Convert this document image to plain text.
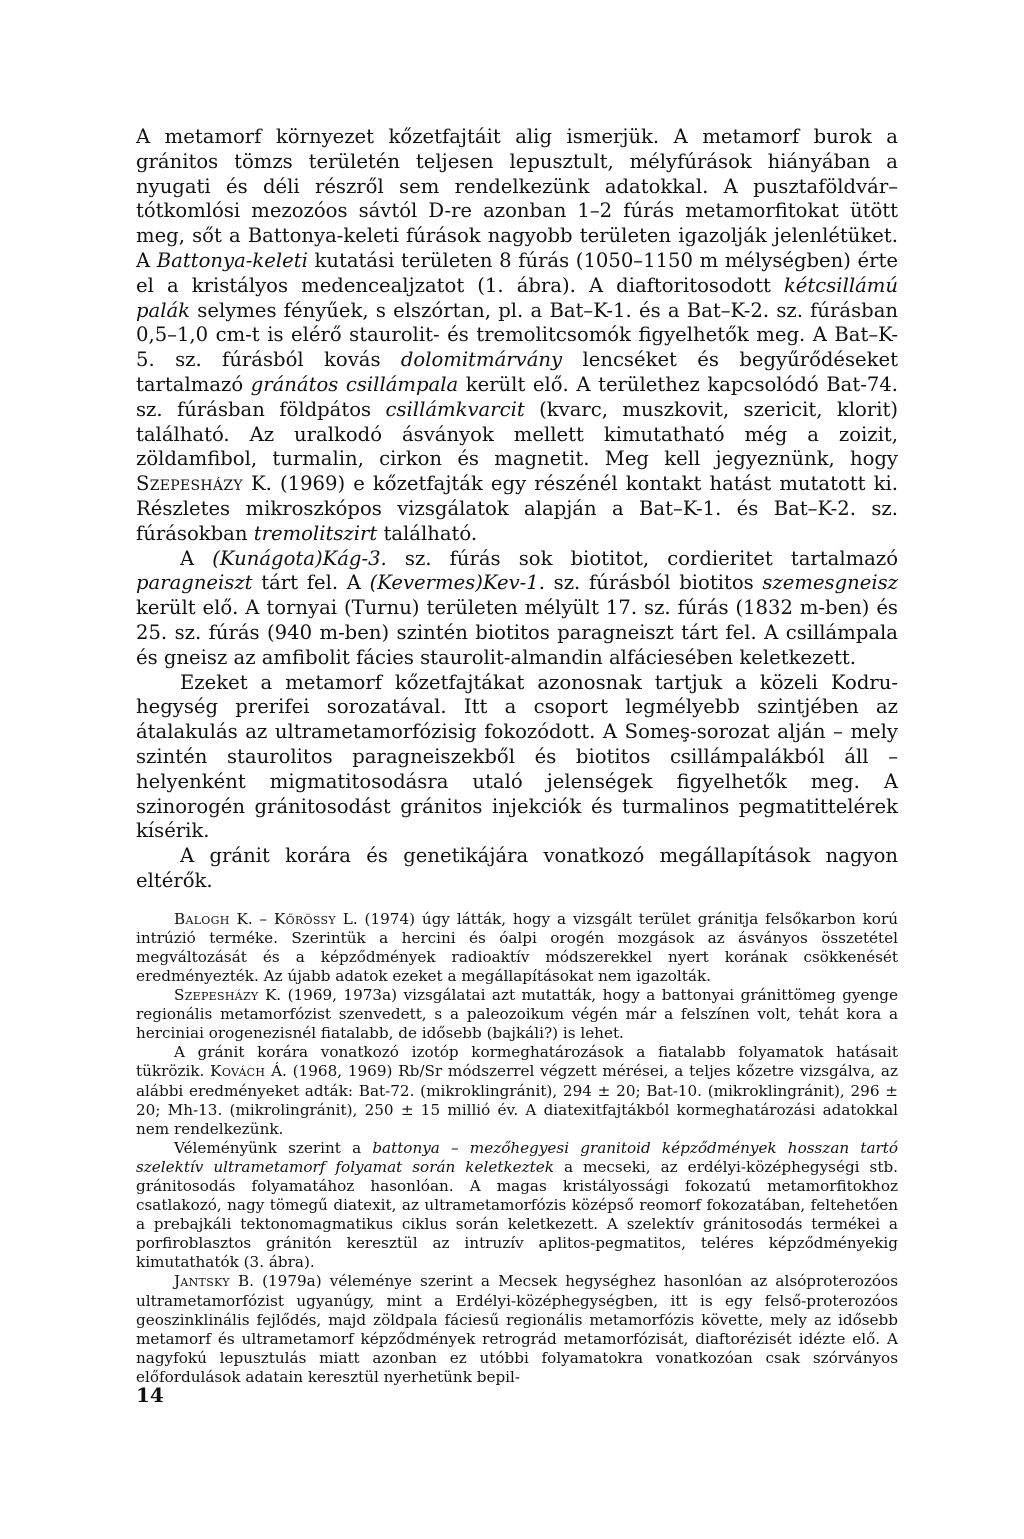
A metamorf környezet kőzetfajtáit alig ismerjük. A metamorf burok a gránitos tömzs területén teljesen lepusztult, mélyfúrások hiányában a nyugati és déli részről sem rendelkezünk adatokkal. A pusztaföldvár–tótkomlósi mezozóos sávtól D-re azonban 1–2 fúrás metamorfitokat ütött meg, sőt a Battonya-keleti fúrások nagyobb területen igazolják jelenlétüket. A Battonya-keleti kutatási területen 8 fúrás (1050–1150 m mélységben) érte el a kristályos medencealjzatot (1. ábra). A diaftoritosodott kétcsillámú palák selymes fényűek, s elszórtan, pl. a Bat–K-1. és a Bat–K-2. sz. fúrásban 0,5–1,0 cm-t is elérő staurolit- és tremolitcsomók figyelhetők meg. A Bat–K-5. sz. fúrásból kovás dolomitmárvány lencséket és begyűrődéseket tartalmazó gránátos csillámpala került elő. A területhez kapcsolódó Bat-74. sz. fúrásban földpátos csillámkvarcit (kvarc, muszkovit, szericit, klorit) található. Az uralkodó ásványok mellett kimutatható még a zoizit, zöldamfibol, turmalin, cirkon és magnetit. Meg kell jegyeznünk, hogy Szepesházy K. (1969) e kőzetfajták egy részénél kontakt hatást mutatott ki. Részletes mikroszkópos vizsgálatok alapján a Bat–K-1. és Bat–K-2. sz. fúrásokban tremolitszirt található.

A (Kunágota)Kág-3. sz. fúrás sok biotitot, cordieritet tartalmazó paragneiszt tárt fel. A (Kevermes)Kev-1. sz. fúrásból biotitos szemesgneisz került elő. A tornyai (Turnu) területen mélyült 17. sz. fúrás (1832 m-ben) és 25. sz. fúrás (940 m-ben) szintén biotitos paragneiszt tárt fel. A csillámpala és gneisz az amfibolit fácies staurolit-almandin alfáciesében keletkezett.

Ezeket a metamorf kőzetfajtákat azonosnak tartjuk a közeli Kodru-hegység prerifei sorozatával. Itt a csoport legmélyebb szintjében az átalakulás az ultrametamorfózisig fokozódott. A Someş-sorozat alján – mely szintén staurolitos paragneiszekből és biotitos csillámpalákból áll – helyenként migmatitosodásra utaló jelenségek figyelhetők meg. A szinorogén gránitosodást gránitos injekciók és turmalinos pegmatittelérek kísérik.

A gránit korára és genetikájára vonatkozó megállapítások nagyon eltérők.

Balogh K. – Kőrössy L. (1974) úgy látták, hogy a vizsgált terület gránitja felsőkarbon korú intrúzió terméke. Szerintük a hercini és óalpi orogén mozgások az ásványos összetétel megváltozását és a képződmények radioaktív módszerekkel nyert korának csökkenését eredményezték. Az újabb adatok ezeket a megállapításokat nem igazolták.

Szepesházy K. (1969, 1973a) vizsgálatai azt mutatták, hogy a battonyai gránittömeg gyenge regionális metamorfózist szenvedett, s a paleozoikum végén már a felszínen volt, tehát kora a herciniai orogenezisnél fiatalabb, de idősebb (bajkáli?) is lehet.

A gránit korára vonatkozó izotóp kormeghatározások a fiatalabb folyamatok hatásait tükrözik. Kovách Á. (1968, 1969) Rb/Sr módszerrel végzett mérései, a teljes kőzetre vizsgálva, az alábbi eredményeket adták: Bat-72. (mikroklingránit), 294 ± 20; Bat-10. (mikroklingránit), 296 ± 20; Mh-13. (mikrolingránit), 250 ± 15 millió év. A diatexitfajtákból kormeghatározási adatokkal nem rendelkezünk.

Véleményünk szerint a battonya – mezőhegyesi granitoid képződmények hosszan tartó szelektív ultrametamorf folyamat során keletkeztek a mecseki, az erdélyi-középhegységi stb. gránitosodás folyamatához hasonlóan. A magas kristályossági fokozatú metamorfitokhoz csatlakozó, nagy tömegű diatexit, az ultrametamorfózis középső reomorf fokozatában, feltehetően a prebajkáli tektonomagmatikus ciklus során keletkezett. A szelektív gránitosodás termékei a porfiroblasztos gránitón keresztül az intruzív aplitos-pegmatitos, teléres képződményekig kimutathatók (3. ábra).

Jantsky B. (1979a) véleménye szerint a Mecsek hegységhez hasonlóan az alsóproterozóos ultrametamorfózist ugyanúgy, mint a Erdélyi-középhegységben, itt is egy felső-proterozóos geoszinklinális fejlődés, majd zöldpala fáciesű regionális metamorfózis követte, mely az idősebb metamorf és ultrametamorf képződmények retrográd metamorfózisát, diaftorézisét idézte elő. A nagyfokú lepusztulás miatt azonban ez utóbbi folyamatokra vonatkozóan csak szórványos előfordulások adatain keresztül nyerhetünk bepil-

14
